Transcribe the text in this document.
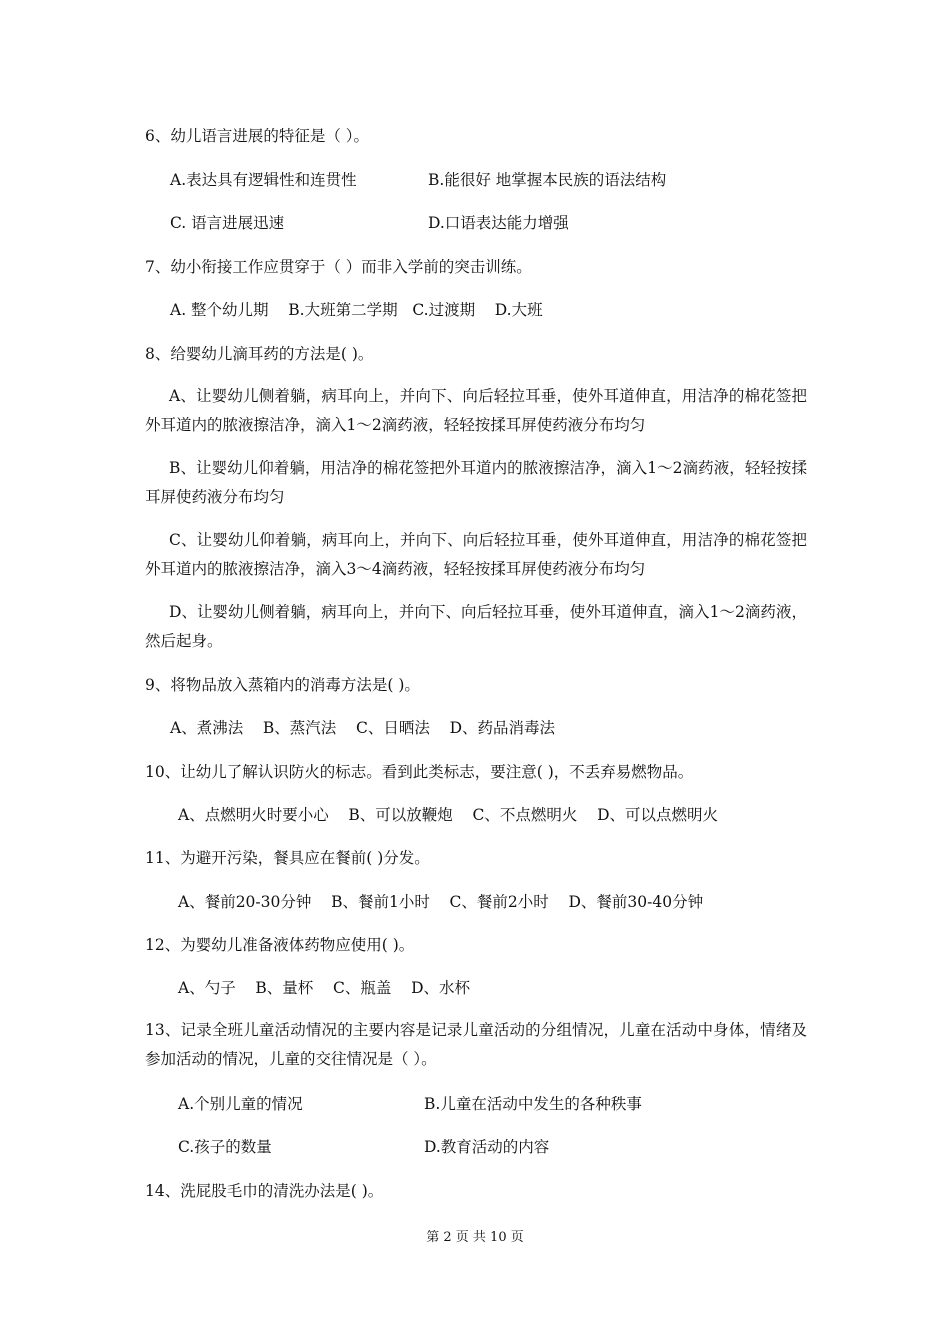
6、幼儿语言进展的特征是（ ）。
A.表达具有逻辑性和连贯性	B.能很好 地掌握本民族的语法结构
C. 语言进展迅速	D.口语表达能力增强
7、幼小衔接工作应贯穿于（ ）而非入学前的突击训练。
A. 整个幼儿期    B.大班第二学期   C.过渡期    D.大班
8、给婴幼儿滴耳药的方法是( )。
A、让婴幼儿侧着躺，病耳向上，并向下、向后轻拉耳垂，使外耳道伸直，用洁净的棉花签把外耳道内的脓液擦洁净，滴入1～2滴药液，轻轻按揉耳屏使药液分布均匀
B、让婴幼儿仰着躺，用洁净的棉花签把外耳道内的脓液擦洁净，滴入1～2滴药液，轻轻按揉耳屏使药液分布均匀
C、让婴幼儿仰着躺，病耳向上，并向下、向后轻拉耳垂，使外耳道伸直，用洁净的棉花签把外耳道内的脓液擦洁净，滴入3～4滴药液，轻轻按揉耳屏使药液分布均匀
D、让婴幼儿侧着躺，病耳向上，并向下、向后轻拉耳垂，使外耳道伸直，滴入1～2滴药液，然后起身。
9、将物品放入蒸箱内的消毒方法是( )。
A、煮沸法    B、蒸汽法    C、日晒法    D、药品消毒法
10、让幼儿了解认识防火的标志。看到此类标志，要注意( )，不丢弃易燃物品。
A、点燃明火时要小心    B、可以放鞭炮    C、不点燃明火    D、可以点燃明火
11、为避开污染，餐具应在餐前( )分发。
A、餐前20-30分钟    B、餐前1小时    C、餐前2小时    D、餐前30-40分钟
12、为婴幼儿准备液体药物应使用( )。
A、勺子    B、量杯    C、瓶盖    D、水杯
13、记录全班儿童活动情况的主要内容是记录儿童活动的分组情况，儿童在活动中身体，情绪及参加活动的情况，儿童的交往情况是（ ）。
A.个别儿童的情况	B.儿童在活动中发生的各种秩事
C.孩子的数量	D.教育活动的内容
14、洗屁股毛巾的清洗办法是( )。
第 2 页 共 10 页
